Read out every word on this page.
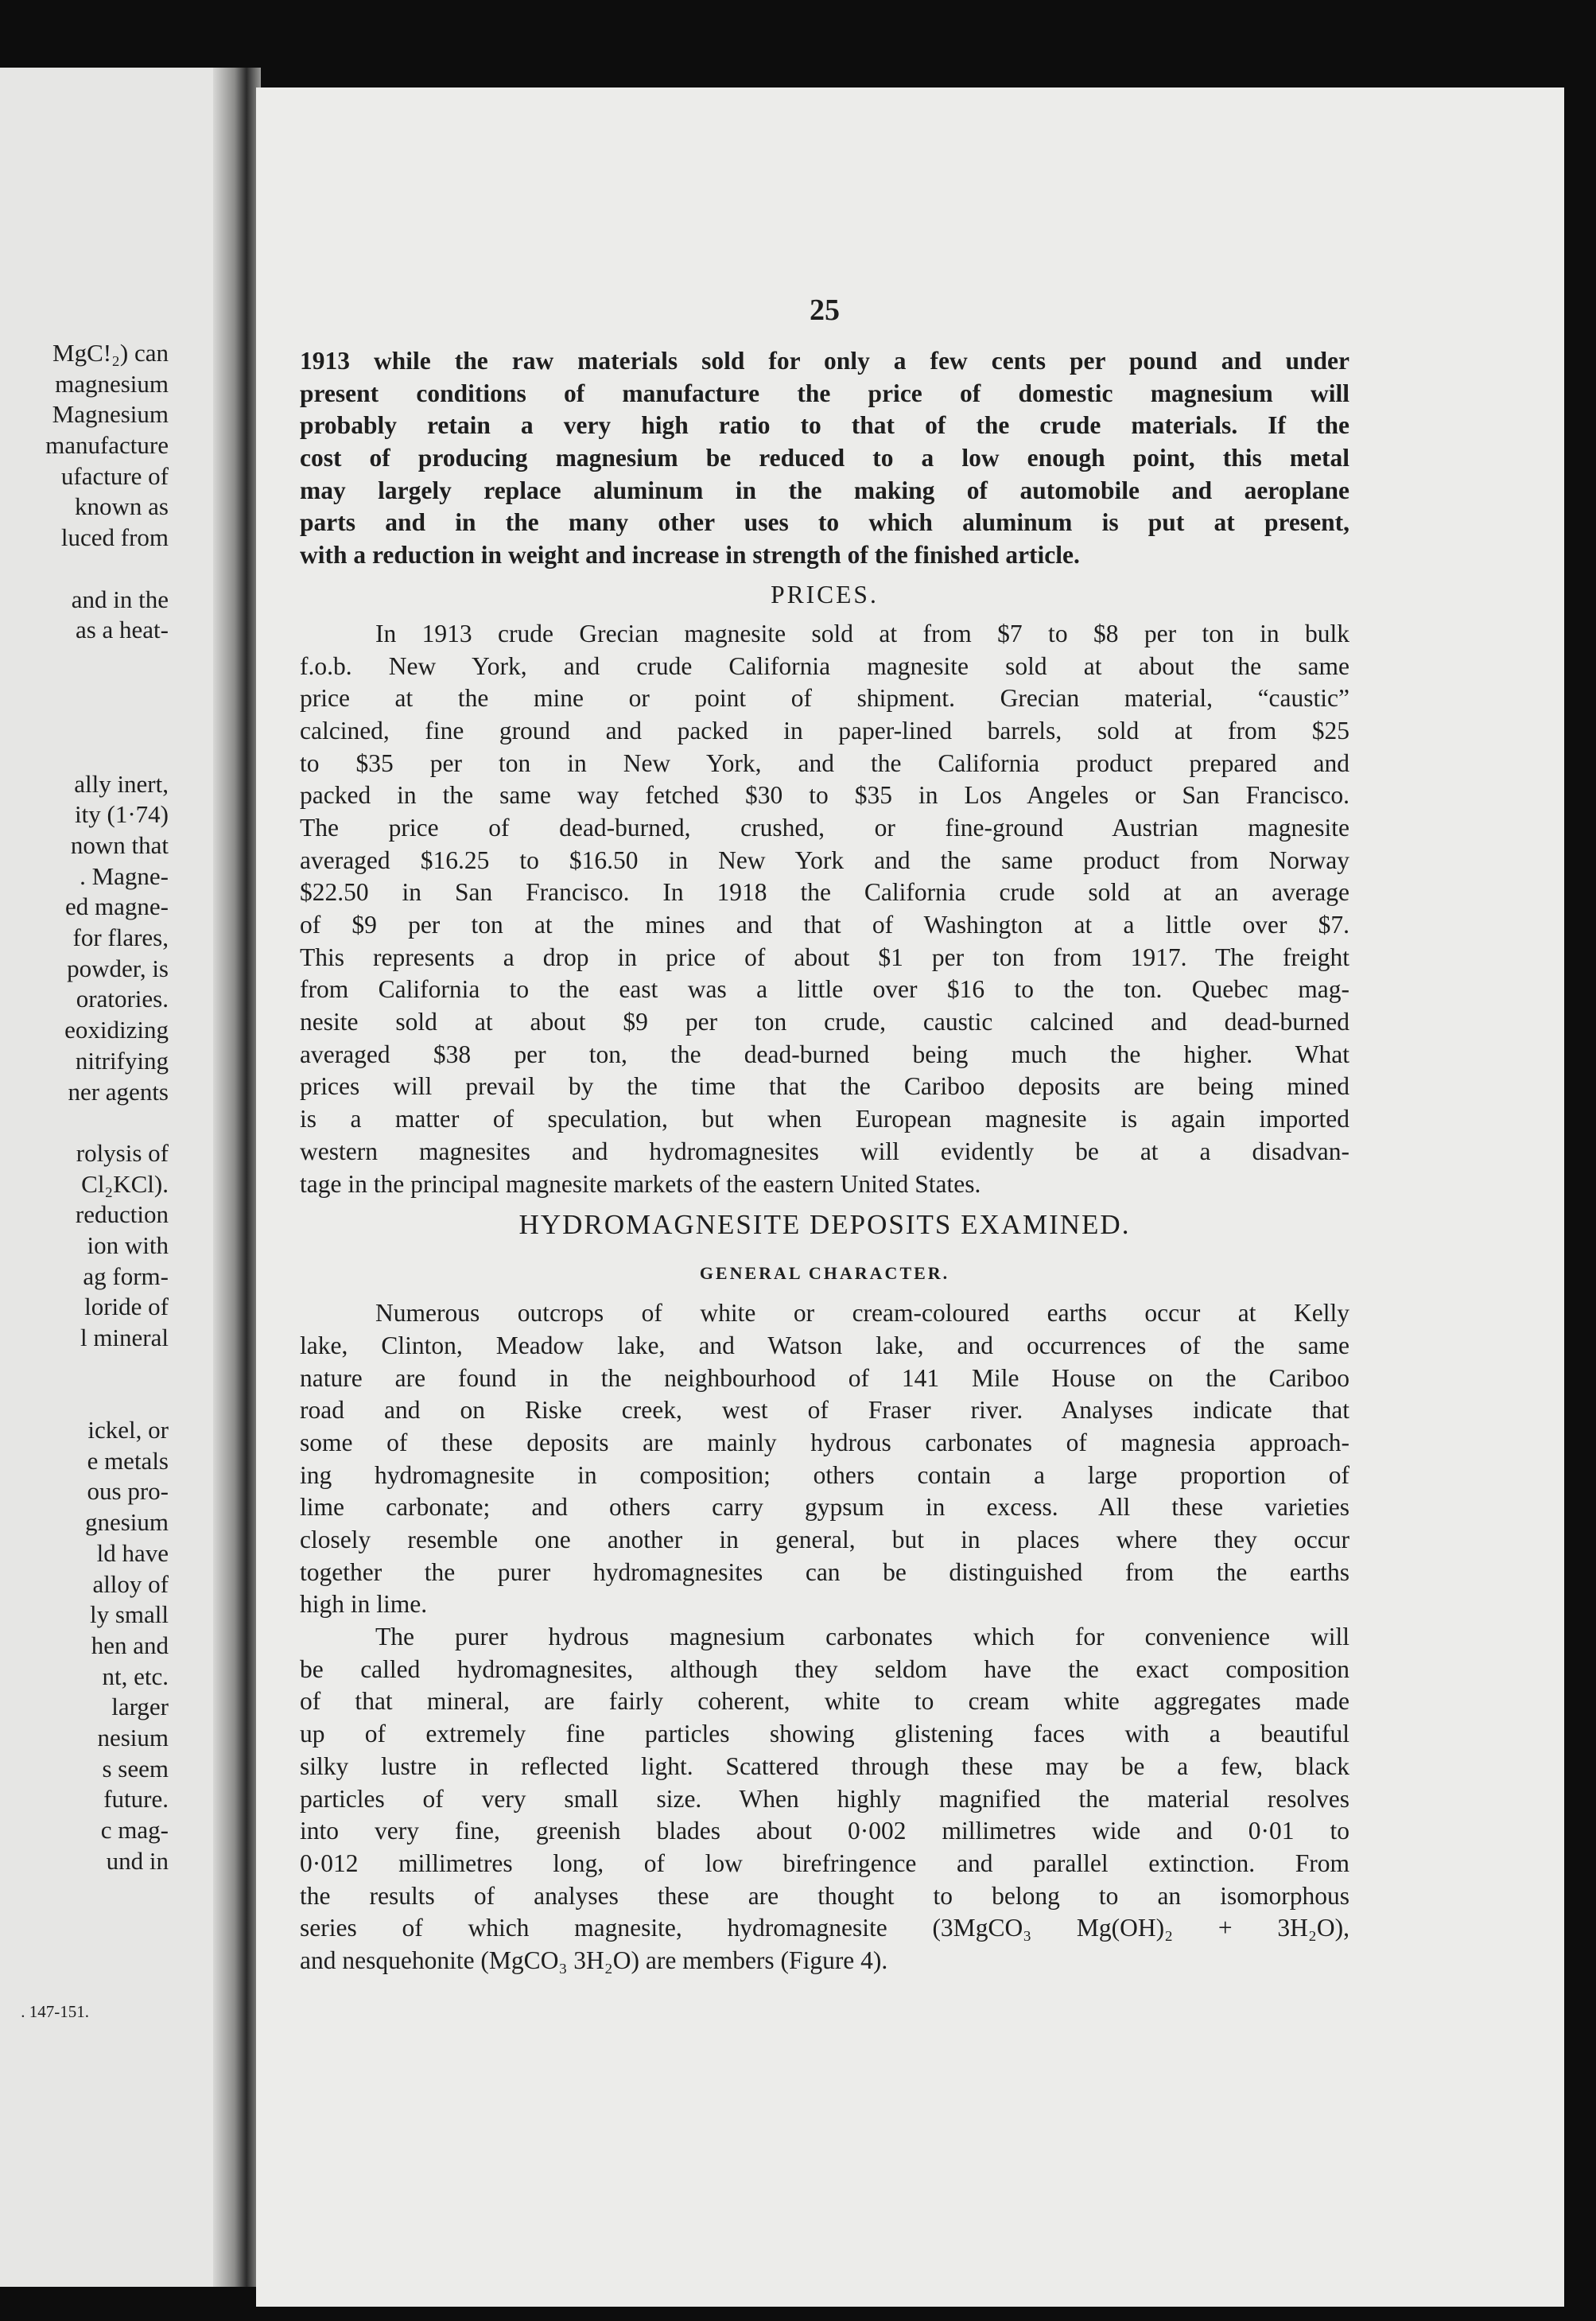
MgC!₂) can
magnesium
Magnesium
manufacture
ufacture of
known as
luced from
and in the
as a heat-
ally inert,
ity (1·74)
nown that
. Magne-
ed magne-
for flares,
powder, is
oratories.
eoxidizing
nitrifying
ner agents
rolysis of
Cl₂KCl).
reduction
ion with
ag form-
loride of
l mineral
ickel, or
e metals
ous pro-
gnesium
ld have
alloy of
ly small
hen and
nt, etc.
larger
nesium
s seem
future.
c mag-
und in
. 147-151.
25
1913 while the raw materials sold for only a few cents per pound and under
present conditions of manufacture the price of domestic magnesium will
probably retain a very high ratio to that of the crude materials. If the
cost of producing magnesium be reduced to a low enough point, this metal
may largely replace aluminum in the making of automobile and aeroplane
parts and in the many other uses to which aluminum is put at present,
with a reduction in weight and increase in strength of the finished article.
PRICES.
In 1913 crude Grecian magnesite sold at from $7 to $8 per ton in bulk
f.o.b. New York, and crude California magnesite sold at about the same
price at the mine or point of shipment. Grecian material, “caustic”
calcined, fine ground and packed in paper-lined barrels, sold at from $25
to $35 per ton in New York, and the California product prepared and
packed in the same way fetched $30 to $35 in Los Angeles or San Francisco.
The price of dead-burned, crushed, or fine-ground Austrian magnesite
averaged $16.25 to $16.50 in New York and the same product from Norway
$22.50 in San Francisco. In 1918 the California crude sold at an average
of $9 per ton at the mines and that of Washington at a little over $7.
This represents a drop in price of about $1 per ton from 1917. The freight
from California to the east was a little over $16 to the ton. Quebec mag-
nesite sold at about $9 per ton crude, caustic calcined and dead-burned
averaged $38 per ton, the dead-burned being much the higher. What
prices will prevail by the time that the Cariboo deposits are being mined
is a matter of speculation, but when European magnesite is again imported
western magnesites and hydromagnesites will evidently be at a disadvan-
tage in the principal magnesite markets of the eastern United States.
HYDROMAGNESITE DEPOSITS EXAMINED.
GENERAL CHARACTER.
Numerous outcrops of white or cream-coloured earths occur at Kelly
lake, Clinton, Meadow lake, and Watson lake, and occurrences of the same
nature are found in the neighbourhood of 141 Mile House on the Cariboo
road and on Riske creek, west of Fraser river. Analyses indicate that
some of these deposits are mainly hydrous carbonates of magnesia approach-
ing hydromagnesite in composition; others contain a large proportion of
lime carbonate; and others carry gypsum in excess. All these varieties
closely resemble one another in general, but in places where they occur
together the purer hydromagnesites can be distinguished from the earths
high in lime.
The purer hydrous magnesium carbonates which for convenience will
be called hydromagnesites, although they seldom have the exact composition
of that mineral, are fairly coherent, white to cream white aggregates made
up of extremely fine particles showing glistening faces with a beautiful
silky lustre in reflected light. Scattered through these may be a few, black
particles of very small size. When highly magnified the material resolves
into very fine, greenish blades about 0·002 millimetres wide and 0·01 to
0·012 millimetres long, of low birefringence and parallel extinction. From
the results of analyses these are thought to belong to an isomorphous
series of which magnesite, hydromagnesite (3MgCO₃ Mg(OH)₂ + 3H₂O),
and nesquehonite (MgCO₃ 3H₂O) are members (Figure 4).
